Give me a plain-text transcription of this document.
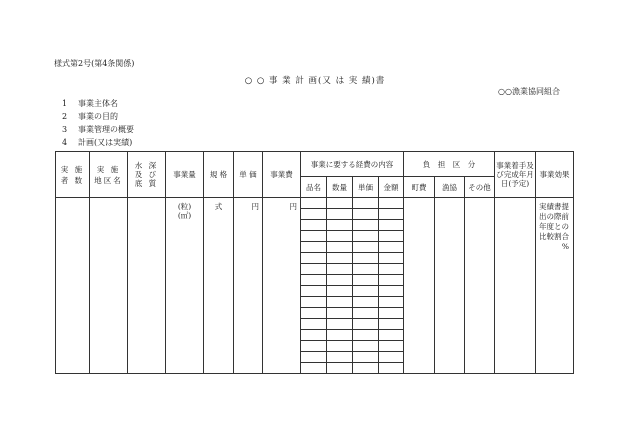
様式第2号(第4条関係)
○ ○ 事 業 計 画(又 は 実 績)書
○○漁業協同組合
1 事業主体名
2 事業の目的
3 事業管理の概要
4 計画(又は実績)
実 施 者 数	実 施 地区名	水 深 及 び 底 質	事業量	規 格	単 価	事業費	事業に要する経費の内容				負　担　区　分			事業着手及び完成年月日(予定)	事業効果
							品名	数量	単価	金額	町費	漁協	その他		
			(粒)
(㎡)	式	円	円									実績書提出の際前年度との比較割合
%
